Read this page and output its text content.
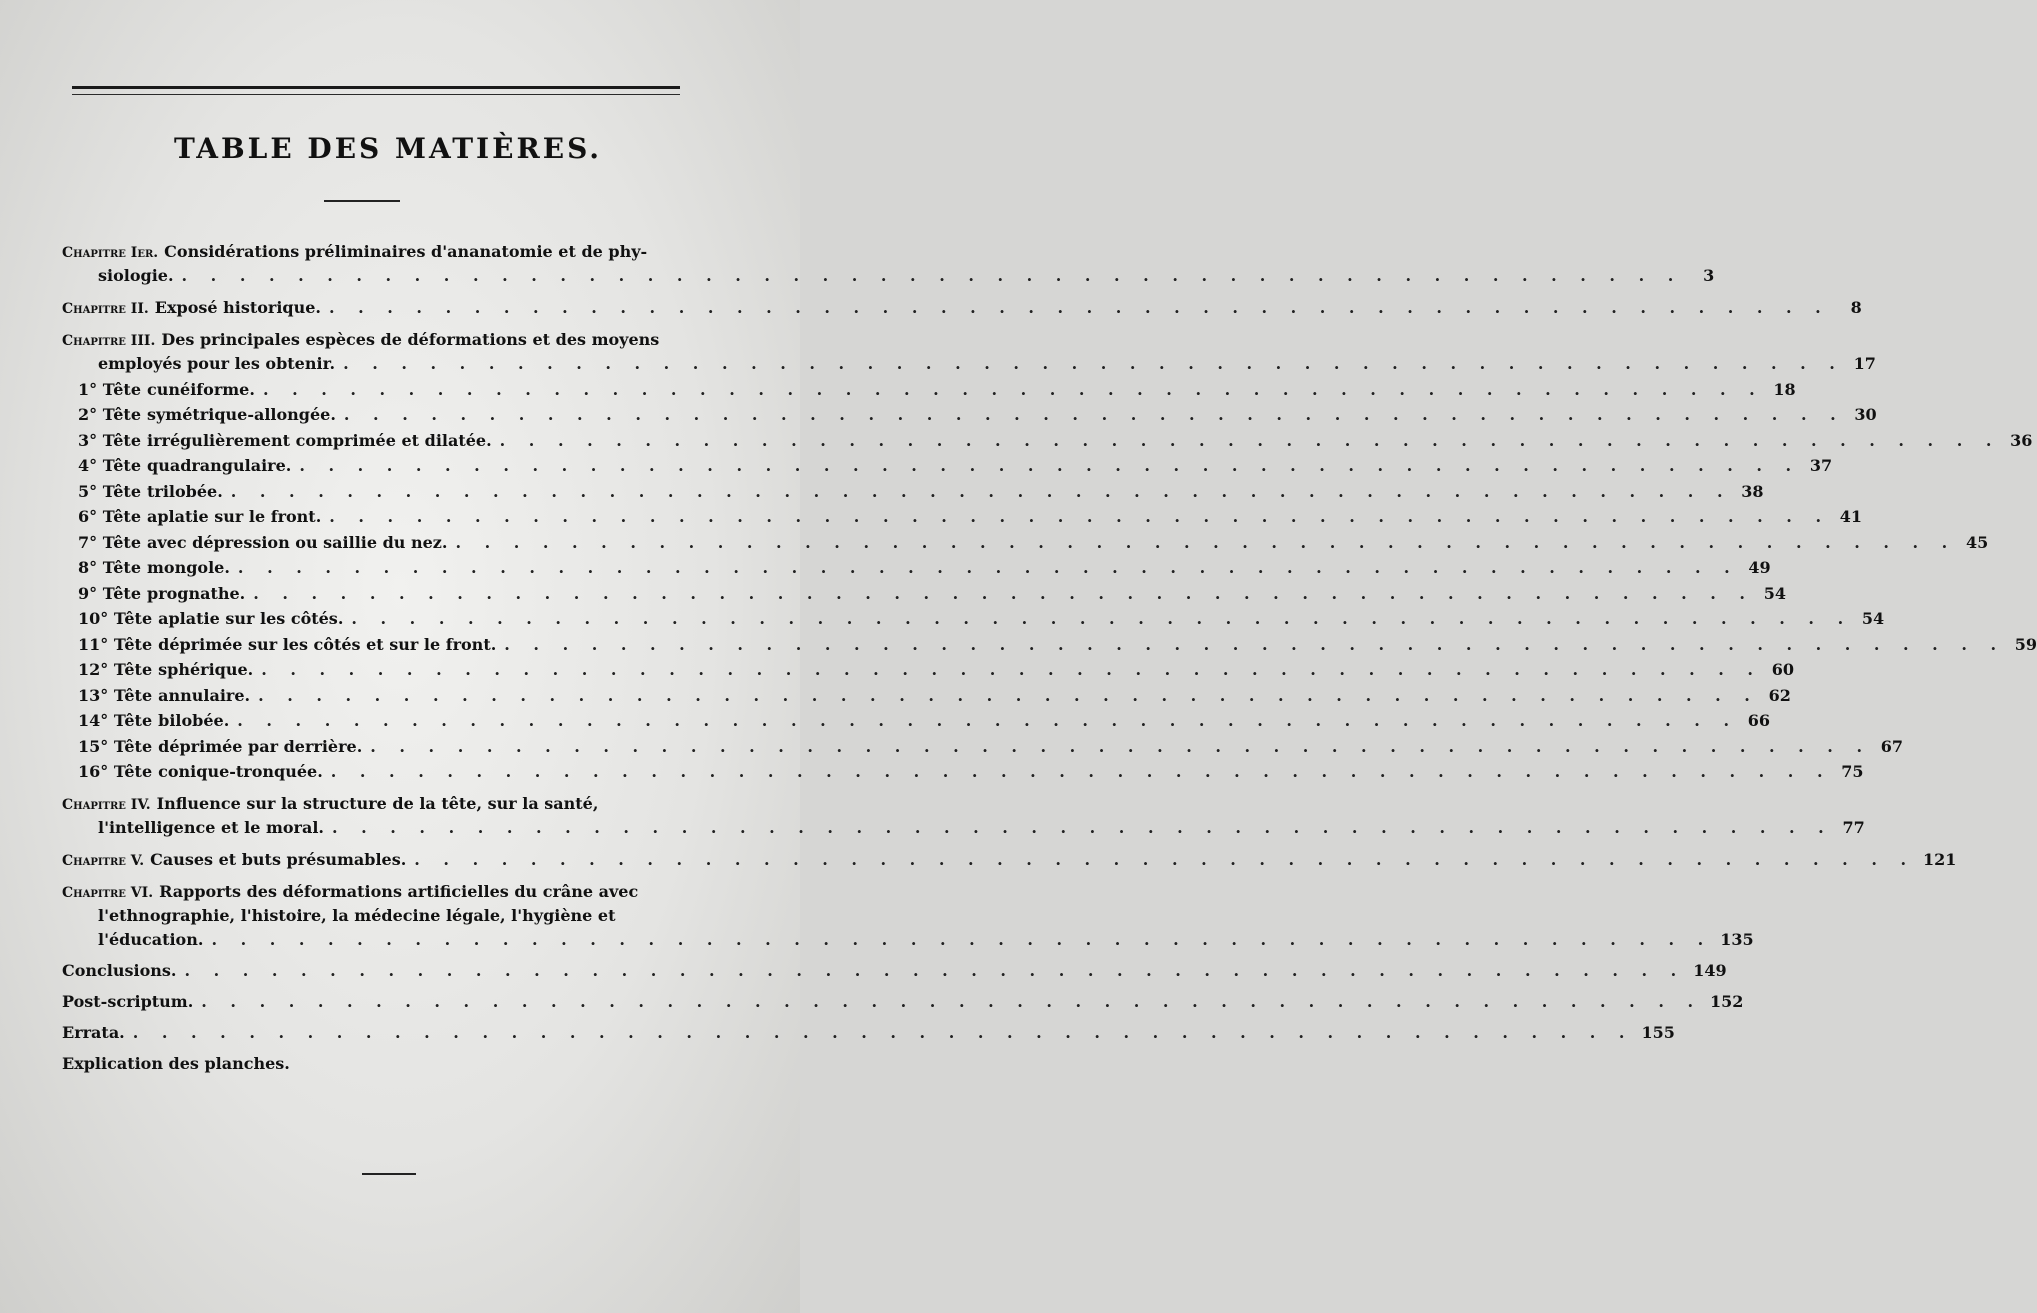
TABLE DES MATIÈRES.
Chapitre Ier. Considérations préliminaires d'ananatomie et de phy-
siologie. . . . . . . . . . . . . . . . . . . . . . . . . . . . . . . . . . . . . . . . . . . . . . . . . . . . .	3
Chapitre II. Exposé historique. . . . . . . . . . . . . . . . . . . . . . . . . . . . . . . . . . . . . . . . . . . . . . . . . . . . .	8
Chapitre III. Des principales espèces de déformations et des moyens
employés pour les obtenir. . . . . . . . . . . . . . . . . . . . . . . . . . . . . . . . . . . . . . . . . . . . . . . . . . . . . 17
1° Tête cunéiforme. . . . . . . . . . . . . . . . . . . . . . . . . . . . . . . . . . . . . . . . . . . . . . . . . . . . . 18
2° Tête symétrique-allongée. . . . . . . . . . . . . . . . . . . . . . . . . . . . . . . . . . . . . . . . . . . . . . . . . . . . . 30
3° Tête irrégulièrement comprimée et dilatée. . . . . . . . . . . . . . . . . . . . . . . . . . . . . . . . . . . . . . . . . . . . . . . . . . . . . 36
4° Tête quadrangulaire. . . . . . . . . . . . . . . . . . . . . . . . . . . . . . . . . . . . . . . . . . . . . . . . . . . . . 37
5° Tête trilobée. . . . . . . . . . . . . . . . . . . . . . . . . . . . . . . . . . . . . . . . . . . . . . . . . . . . . 38
6° Tête aplatie sur le front. . . . . . . . . . . . . . . . . . . . . . . . . . . . . . . . . . . . . . . . . . . . . . . . . . . . . 41
7° Tête avec dépression ou saillie du nez. . . . . . . . . . . . . . . . . . . . . . . . . . . . . . . . . . . . . . . . . . . . . . . . . . . . . 45
8° Tête mongole. . . . . . . . . . . . . . . . . . . . . . . . . . . . . . . . . . . . . . . . . . . . . . . . . . . . . 49
9° Tête prognathe. . . . . . . . . . . . . . . . . . . . . . . . . . . . . . . . . . . . . . . . . . . . . . . . . . . . . 54
10° Tête aplatie sur les côtés. . . . . . . . . . . . . . . . . . . . . . . . . . . . . . . . . . . . . . . . . . . . . . . . . . . . . 54
11° Tête déprimée sur les côtés et sur le front. . . . . . . . . . . . . . . . . . . . . . . . . . . . . . . . . . . . . . . . . . . . . . . . . . . . . 59
12° Tête sphérique. . . . . . . . . . . . . . . . . . . . . . . . . . . . . . . . . . . . . . . . . . . . . . . . . . . . . 60
13° Tête annulaire. . . . . . . . . . . . . . . . . . . . . . . . . . . . . . . . . . . . . . . . . . . . . . . . . . . . . 62
14° Tête bilobée. . . . . . . . . . . . . . . . . . . . . . . . . . . . . . . . . . . . . . . . . . . . . . . . . . . . . 66
15° Tête déprimée par derrière. . . . . . . . . . . . . . . . . . . . . . . . . . . . . . . . . . . . . . . . . . . . . . . . . . . . . 67
16° Tête conique-tronquée. . . . . . . . . . . . . . . . . . . . . . . . . . . . . . . . . . . . . . . . . . . . . . . . . . . . . 75
Chapitre IV. Influence sur la structure de la tête, sur la santé,
l'intelligence et le moral. . . . . . . . . . . . . . . . . . . . . . . . . . . . . . . . . . . . . . . . . . . . . . . . . . . . . 77
Chapitre V. Causes et buts présumables. . . . . . . . . . . . . . . . . . . . . . . . . . . . . . . . . . . . . . . . . . . . . . . . . . . . . 121
Chapitre VI. Rapports des déformations artificielles du crâne avec
l'ethnographie, l'histoire, la médecine légale, l'hygiène et
l'éducation. . . . . . . . . . . . . . . . . . . . . . . . . . . . . . . . . . . . . . . . . . . . . . . . . . . . . 135
Conclusions. . . . . . . . . . . . . . . . . . . . . . . . . . . . . . . . . . . . . . . . . . . . . . . . . . . . . 149
Post-scriptum. . . . . . . . . . . . . . . . . . . . . . . . . . . . . . . . . . . . . . . . . . . . . . . . . . . . . 152
Errata. . . . . . . . . . . . . . . . . . . . . . . . . . . . . . . . . . . . . . . . . . . . . . . . . . . . . 155
Explication des planches.
